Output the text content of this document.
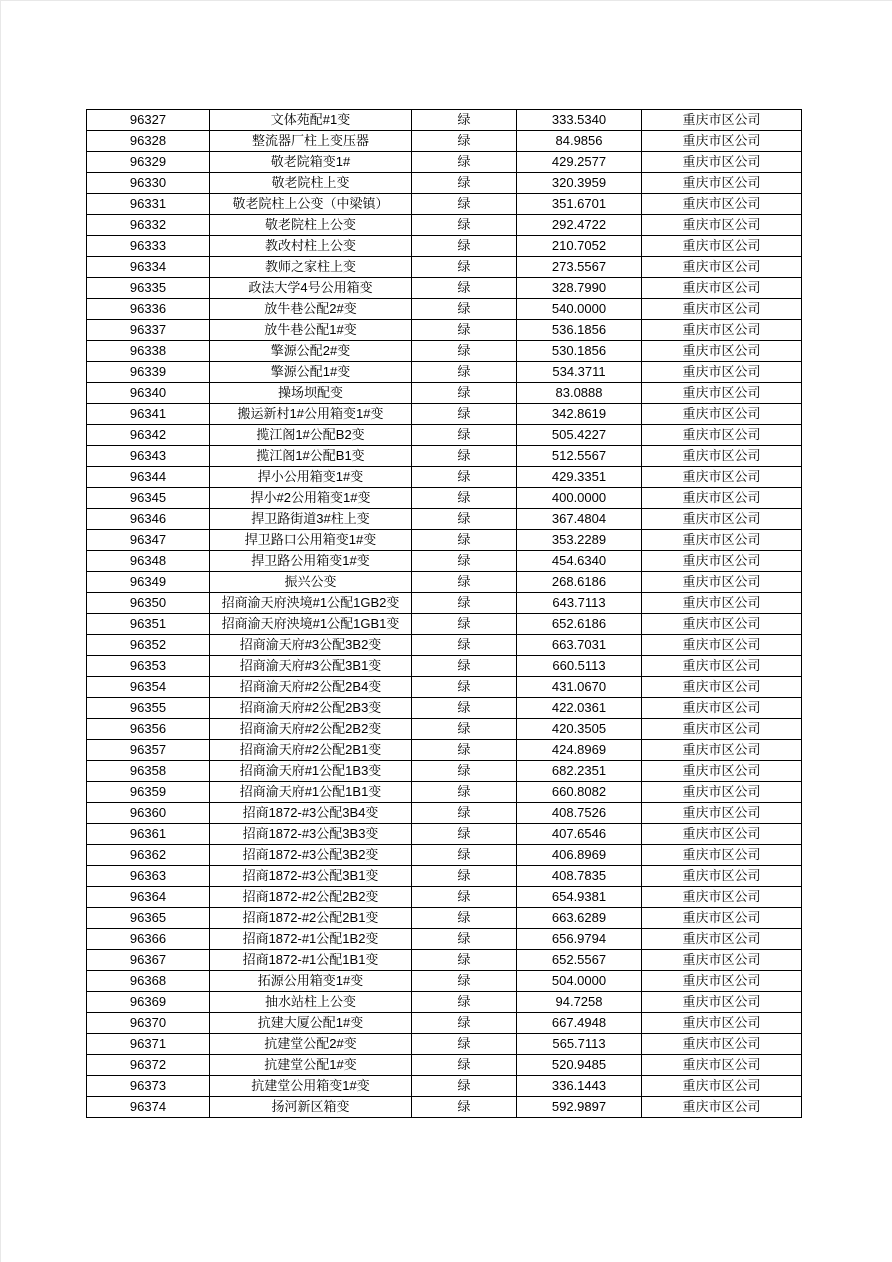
96327	文体苑配#1变	绿	333.5340	重庆市区公司
96328	整流器厂柱上变压器	绿	84.9856	重庆市区公司
96329	敬老院箱变1#	绿	429.2577	重庆市区公司
96330	敬老院柱上变	绿	320.3959	重庆市区公司
96331	敬老院柱上公变（中梁镇）	绿	351.6701	重庆市区公司
96332	敬老院柱上公变	绿	292.4722	重庆市区公司
96333	教改村柱上公变	绿	210.7052	重庆市区公司
96334	教师之家柱上变	绿	273.5567	重庆市区公司
96335	政法大学4号公用箱变	绿	328.7990	重庆市区公司
96336	放牛巷公配2#变	绿	540.0000	重庆市区公司
96337	放牛巷公配1#变	绿	536.1856	重庆市区公司
96338	擎源公配2#变	绿	530.1856	重庆市区公司
96339	擎源公配1#变	绿	534.3711	重庆市区公司
96340	操场坝配变	绿	83.0888	重庆市区公司
96341	搬运新村1#公用箱变1#变	绿	342.8619	重庆市区公司
96342	揽江阁1#公配B2变	绿	505.4227	重庆市区公司
96343	揽江阁1#公配B1变	绿	512.5567	重庆市区公司
96344	捍小公用箱变1#变	绿	429.3351	重庆市区公司
96345	捍小#2公用箱变1#变	绿	400.0000	重庆市区公司
96346	捍卫路街道3#柱上变	绿	367.4804	重庆市区公司
96347	捍卫路口公用箱变1#变	绿	353.2289	重庆市区公司
96348	捍卫路公用箱变1#变	绿	454.6340	重庆市区公司
96349	振兴公变	绿	268.6186	重庆市区公司
96350	招商渝天府泱境#1公配1GB2变	绿	643.7113	重庆市区公司
96351	招商渝天府泱境#1公配1GB1变	绿	652.6186	重庆市区公司
96352	招商渝天府#3公配3B2变	绿	663.7031	重庆市区公司
96353	招商渝天府#3公配3B1变	绿	660.5113	重庆市区公司
96354	招商渝天府#2公配2B4变	绿	431.0670	重庆市区公司
96355	招商渝天府#2公配2B3变	绿	422.0361	重庆市区公司
96356	招商渝天府#2公配2B2变	绿	420.3505	重庆市区公司
96357	招商渝天府#2公配2B1变	绿	424.8969	重庆市区公司
96358	招商渝天府#1公配1B3变	绿	682.2351	重庆市区公司
96359	招商渝天府#1公配1B1变	绿	660.8082	重庆市区公司
96360	招商1872-#3公配3B4变	绿	408.7526	重庆市区公司
96361	招商1872-#3公配3B3变	绿	407.6546	重庆市区公司
96362	招商1872-#3公配3B2变	绿	406.8969	重庆市区公司
96363	招商1872-#3公配3B1变	绿	408.7835	重庆市区公司
96364	招商1872-#2公配2B2变	绿	654.9381	重庆市区公司
96365	招商1872-#2公配2B1变	绿	663.6289	重庆市区公司
96366	招商1872-#1公配1B2变	绿	656.9794	重庆市区公司
96367	招商1872-#1公配1B1变	绿	652.5567	重庆市区公司
96368	拓源公用箱变1#变	绿	504.0000	重庆市区公司
96369	抽水站柱上公变	绿	94.7258	重庆市区公司
96370	抗建大厦公配1#变	绿	667.4948	重庆市区公司
96371	抗建堂公配2#变	绿	565.7113	重庆市区公司
96372	抗建堂公配1#变	绿	520.9485	重庆市区公司
96373	抗建堂公用箱变1#变	绿	336.1443	重庆市区公司
96374	扬河新区箱变	绿	592.9897	重庆市区公司
